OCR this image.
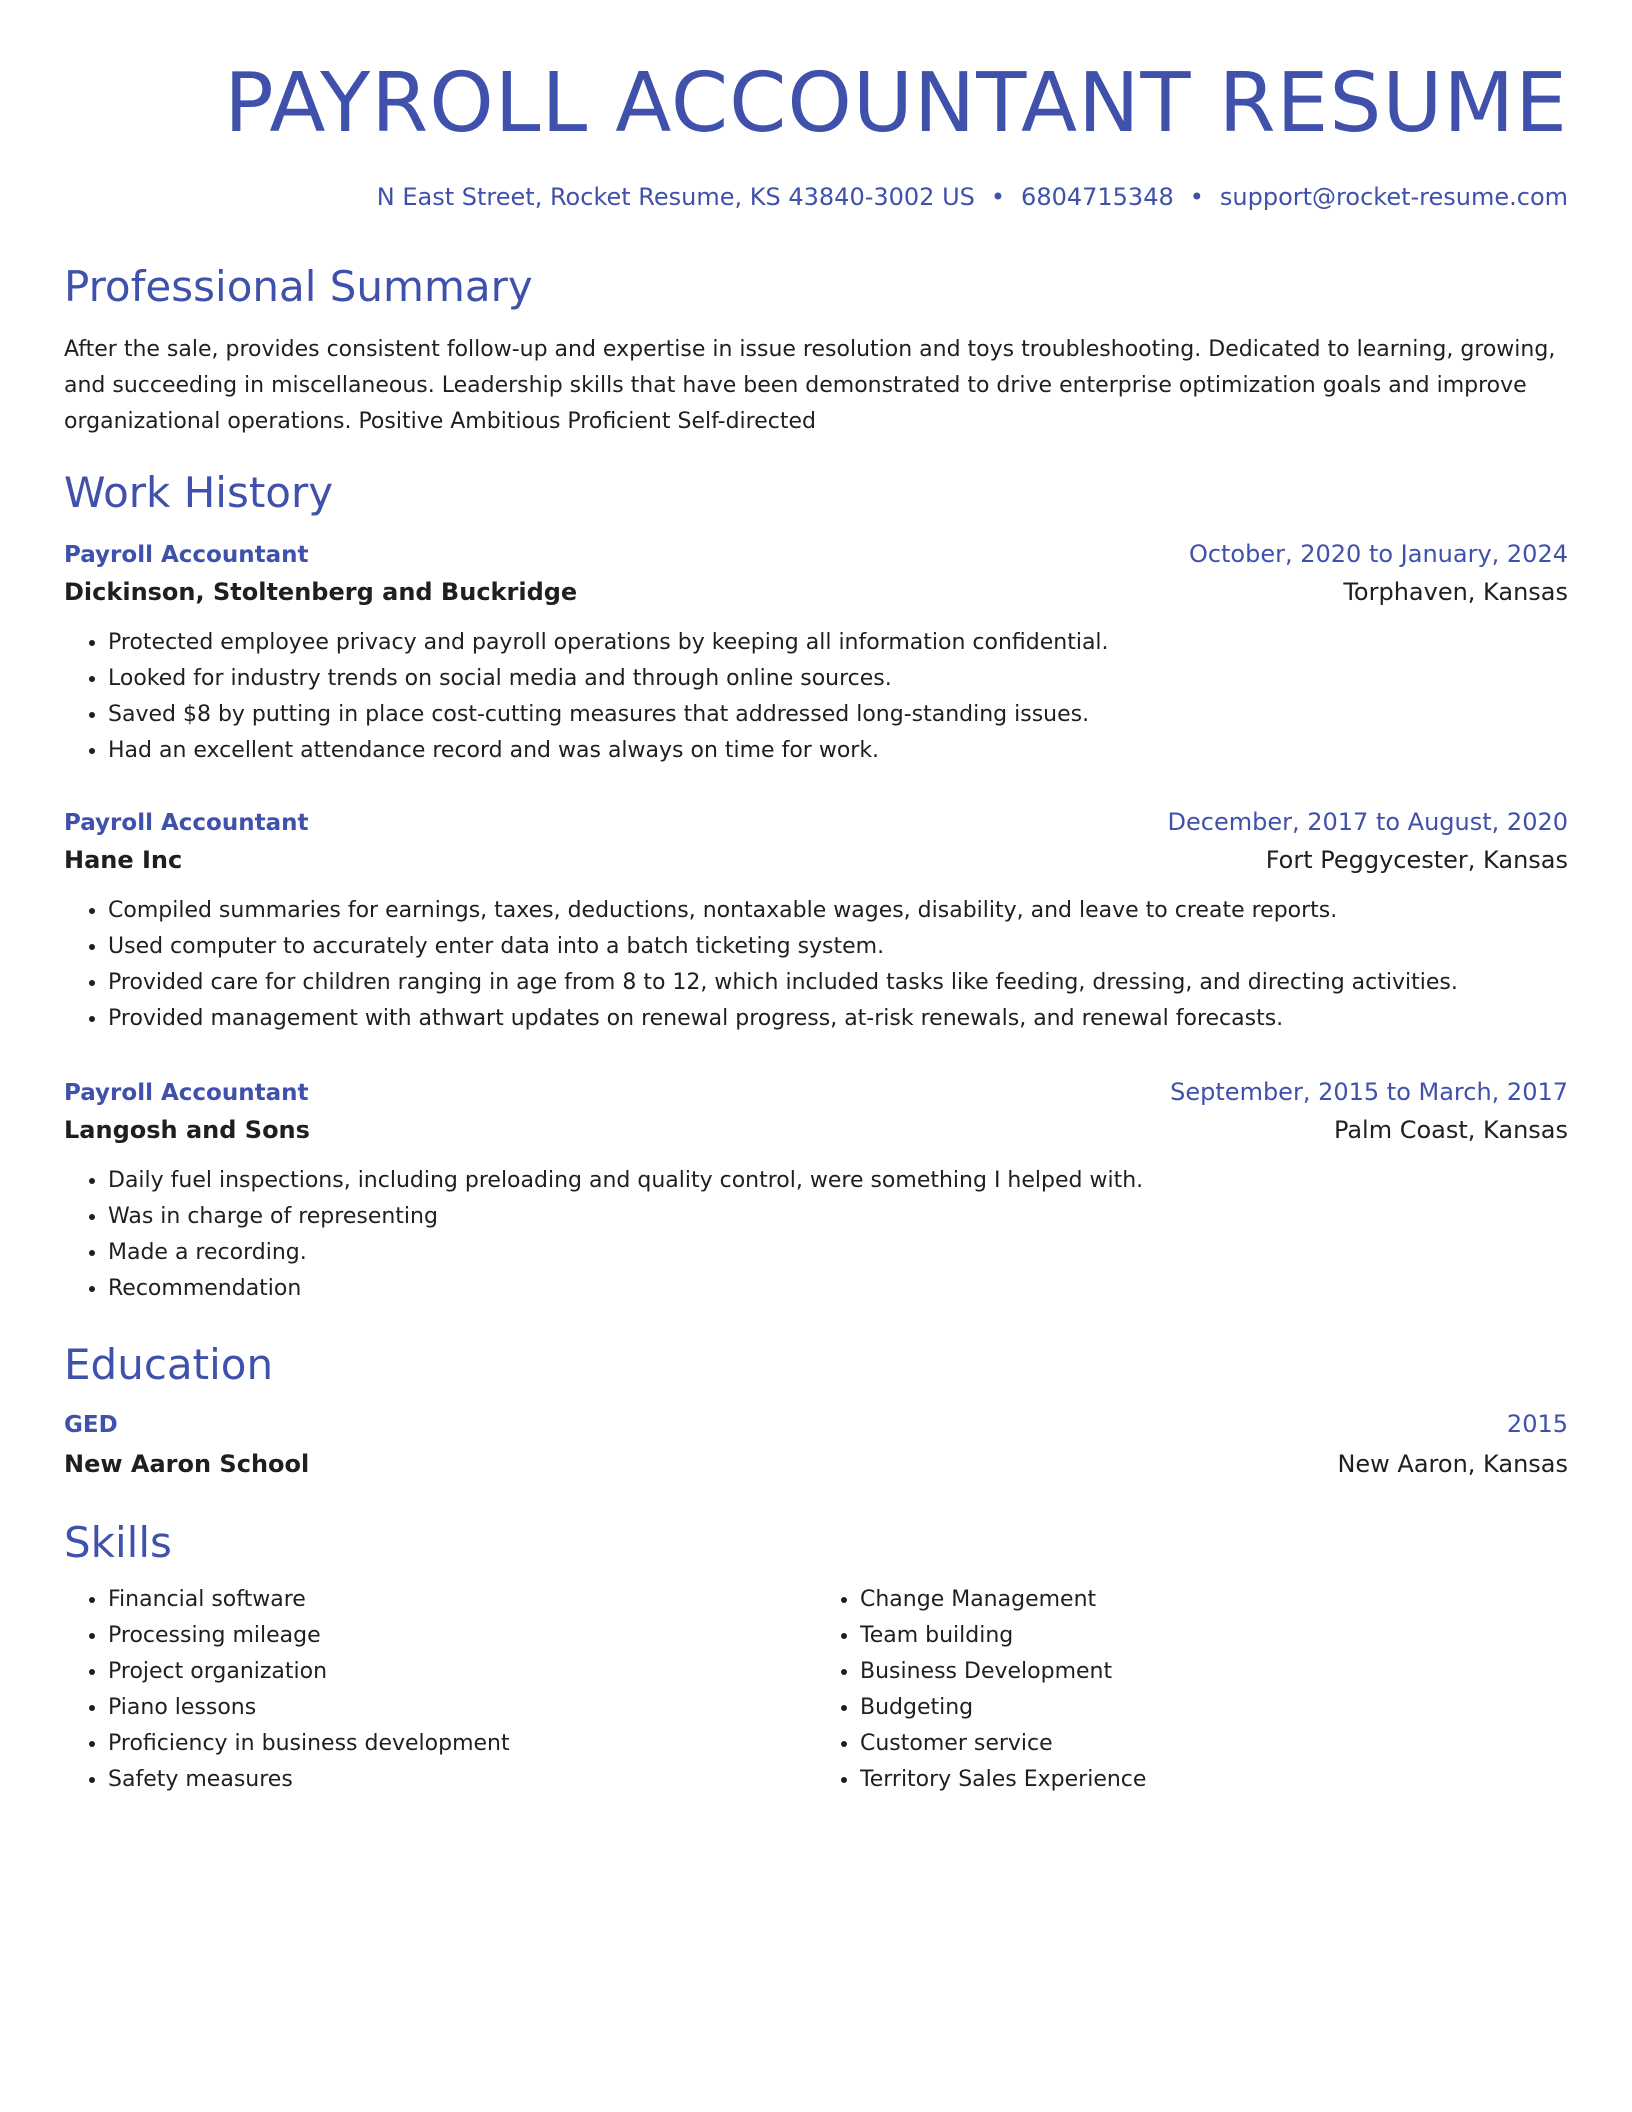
PAYROLL ACCOUNTANT RESUME
N East Street, Rocket Resume, KS 43840-3002 US • 6804715348 • support@rocket-resume.com
Professional Summary
After the sale, provides consistent follow-up and expertise in issue resolution and toys troubleshooting. Dedicated to learning, growing, and succeeding in miscellaneous. Leadership skills that have been demonstrated to drive enterprise optimization goals and improve organizational operations. Positive Ambitious Proficient Self-directed
Work History
Payroll Accountant	October, 2020 to January, 2024
Dickinson, Stoltenberg and Buckridge	Torphaven, Kansas
• Protected employee privacy and payroll operations by keeping all information confidential.
• Looked for industry trends on social media and through online sources.
• Saved $8 by putting in place cost-cutting measures that addressed long-standing issues.
• Had an excellent attendance record and was always on time for work.
Payroll Accountant	December, 2017 to August, 2020
Hane Inc	Fort Peggycester, Kansas
• Compiled summaries for earnings, taxes, deductions, nontaxable wages, disability, and leave to create reports.
• Used computer to accurately enter data into a batch ticketing system.
• Provided care for children ranging in age from 8 to 12, which included tasks like feeding, dressing, and directing activities.
• Provided management with athwart updates on renewal progress, at-risk renewals, and renewal forecasts.
Payroll Accountant	September, 2015 to March, 2017
Langosh and Sons	Palm Coast, Kansas
• Daily fuel inspections, including preloading and quality control, were something I helped with.
• Was in charge of representing
• Made a recording.
• Recommendation
Education
GED	2015
New Aaron School	New Aaron, Kansas
Skills
• Financial software
• Processing mileage
• Project organization
• Piano lessons
• Proficiency in business development
• Safety measures
• Change Management
• Team building
• Business Development
• Budgeting
• Customer service
• Territory Sales Experience
